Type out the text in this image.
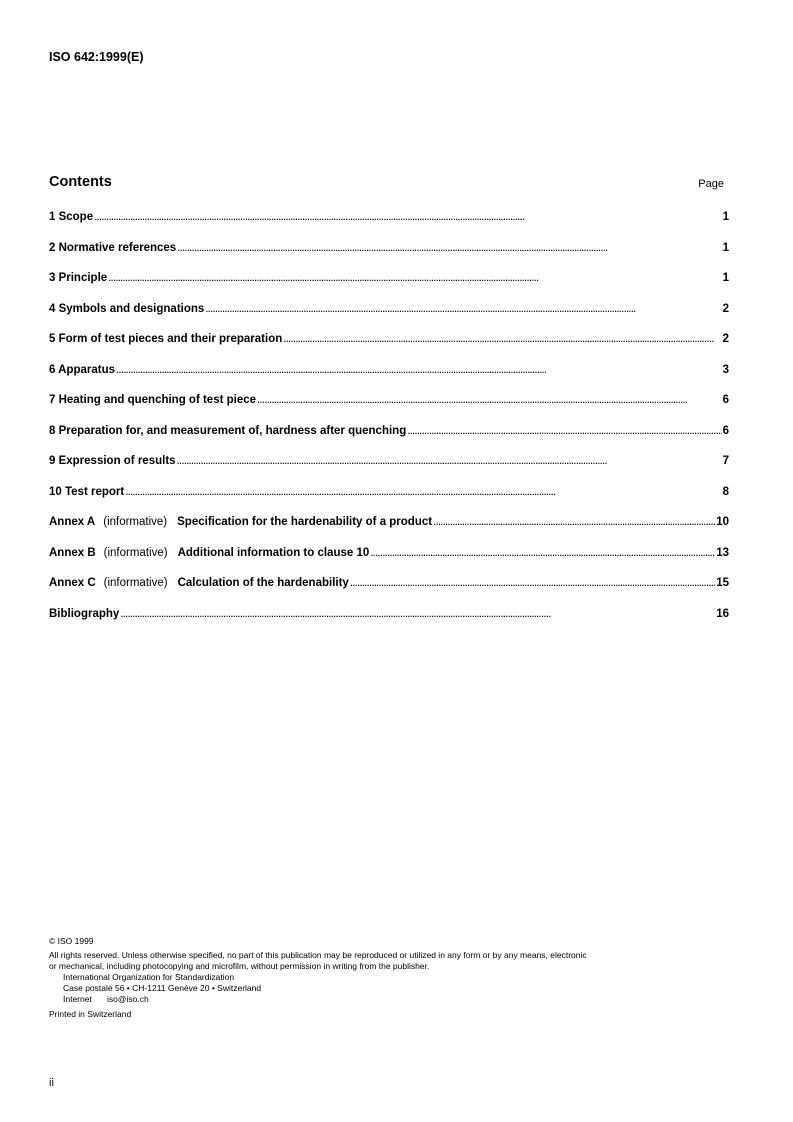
ISO 642:1999(E)
Contents	Page
1 Scope . . .	1
2 Normative references . . .	1
3 Principle . . .	1
4 Symbols and designations . . .	2
5 Form of test pieces and their preparation . . .	2
6 Apparatus . . .	3
7 Heating and quenching of test piece . . .	6
8 Preparation for, and measurement of, hardness after quenching . . .	6
9 Expression of results . . .	7
10 Test report . . .	8
Annex A (informative) Specification for the hardenability of a product . . .	10
Annex B (informative) Additional information to clause 10 . . .	13
Annex C (informative) Calculation of the hardenability . . .	15
Bibliography . . .	16
© ISO 1999
All rights reserved. Unless otherwise specified, no part of this publication may be reproduced or utilized in any form or by any means, electronic
or mechanical, including photocopying and microfilm, without permission in writing from the publisher.
International Organization for Standardization
Case postale 56 • CH-1211 Genève 20 • Switzerland
Internet iso@iso.ch
Printed in Switzerland
ii
